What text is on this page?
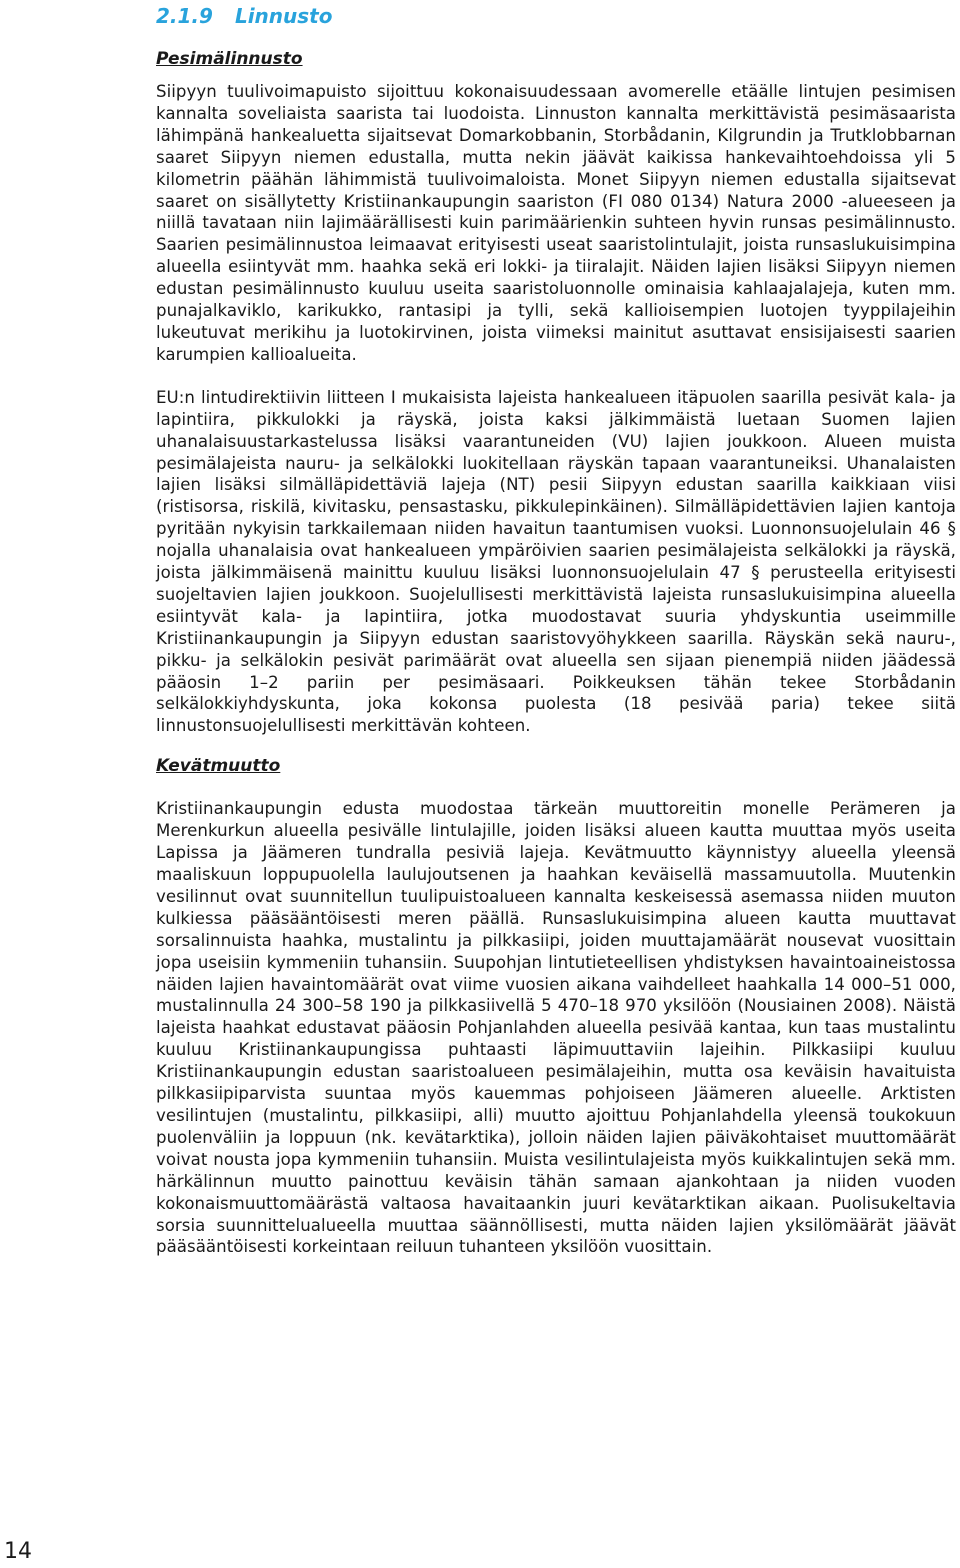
2.1.9 Linnusto
Pesimälinnusto

Siipyyn tuulivoimapuisto sijoittuu kokonaisuudessaan avomerelle etäälle lintujen pesimisen kannalta soveliaista saarista tai luodoista. Linnuston kannalta merkittävistä pesimäsaarista lähimpänä hankealuetta sijaitsevat Domarkobbanin, Storbådanin, Kilgrundin ja Trutklobbarnan saaret Siipyyn niemen edustalla, mutta nekin jäävät kaikissa hankevaihtoehdoissa yli 5 kilometrin päähän lähimmistä tuulivoimaloista. Monet Siipyyn niemen edustalla sijaitsevat saaret on sisällytetty Kristiinankaupungin saariston (FI 080 0134) Natura 2000 -alueeseen ja niillä tavataan niin lajimäärällisesti kuin parimäärienkin suhteen hyvin runsas pesimälinnusto. Saarien pesimälinnustoa leimaavat erityisesti useat saaristolintulajit, joista runsaslukuisimpina alueella esiintyvät mm. haahka sekä eri lokki- ja tiiralajit. Näiden lajien lisäksi Siipyyn niemen edustan pesimälinnusto kuuluu useita saaristoluonnolle ominaisia kahlaajalajeja, kuten mm. punajalkaviklo, karikukko, rantasipi ja tylli, sekä kallioisempien luotojen tyyppilajeihin lukeutuvat merikihu ja luotokirvinen, joista viimeksi mainitut asuttavat ensisijaisesti saarien karumpien kallioalueita.

EU:n lintudirektiivin liitteen I mukaisista lajeista hankealueen itäpuolen saarilla pesivät kala- ja lapintiira, pikkulokki ja räyskä, joista kaksi jälkimmäistä luetaan Suomen lajien uhanalaisuustarkastelussa lisäksi vaarantuneiden (VU) lajien joukkoon. Alueen muista pesimälajeista nauru- ja selkälokki luokitellaan räyskän tapaan vaarantuneiksi. Uhanalaisten lajien lisäksi silmälläpidettäviä lajeja (NT) pesii Siipyyn edustan saarilla kaikkiaan viisi (ristisorsa, riskilä, kivitasku, pensastasku, pikkulepinkäinen). Silmälläpidettävien lajien kantoja pyritään nykyisin tarkkailemaan niiden havaitun taantumisen vuoksi. Luonnonsuojelulain 46 § nojalla uhanalaisia ovat hankealueen ympäröivien saarien pesimälajeista selkälokki ja räyskä, joista jälkimmäisenä mainittu kuuluu lisäksi luonnonsuojelulain 47 § perusteella erityisesti suojeltavien lajien joukkoon. Suojelullisesti merkittävistä lajeista runsaslukuisimpina alueella esiintyvät kala- ja lapintiira, jotka muodostavat suuria yhdyskuntia useimmille Kristiinankaupungin ja Siipyyn edustan saaristovyöhykkeen saarilla. Räyskän sekä nauru-, pikku- ja selkälokin pesivät parimäärät ovat alueella sen sijaan pienempiä niiden jäädessä pääosin 1–2 pariin per pesimäsaari. Poikkeuksen tähän tekee Storbådanin selkälokkiyhdyskunta, joka kokonsa puolesta (18 pesivää paria) tekee siitä linnustonsuojelullisesti merkittävän kohteen.

Kevätmuutto

Kristiinankaupungin edusta muodostaa tärkeän muuttoreitin monelle Perämeren ja Merenkurkun alueella pesivälle lintulajille, joiden lisäksi alueen kautta muuttaa myös useita Lapissa ja Jäämeren tundralla pesiviä lajeja. Kevätmuutto käynnistyy alueella yleensä maaliskuun loppupuolella laulujoutsenen ja haahkan keväisellä massamuutolla. Muutenkin vesilinnut ovat suunnitellun tuulipuistoalueen kannalta keskeisessä asemassa niiden muuton kulkiessa pääsääntöisesti meren päällä. Runsaslukuisimpina alueen kautta muuttavat sorsalinnuista haahka, mustalintu ja pilkkasiipi, joiden muuttajamäärät nousevat vuosittain jopa useisiin kymmeniin tuhansiin. Suupohjan lintutieteellisen yhdistyksen havaintoaineistossa näiden lajien havaintomäärät ovat viime vuosien aikana vaihdelleet haahkalla 14 000–51 000, mustalinnulla 24 300–58 190 ja pilkkasiivellä 5 470–18 970 yksilöön (Nousiainen 2008). Näistä lajeista haahkat edustavat pääosin Pohjanlahden alueella pesivää kantaa, kun taas mustalintu kuuluu Kristiinankaupungissa puhtaasti läpimuuttaviin lajeihin. Pilkkasiipi kuuluu Kristiinankaupungin edustan saaristoalueen pesimälajeihin, mutta osa keväisin havaituista pilkkasiipiparvista suuntaa myös kauemmas pohjoiseen Jäämeren alueelle. Arktisten vesilintujen (mustalintu, pilkkasiipi, alli) muutto ajoittuu Pohjanlahdella yleensä toukokuun puolenväliin ja loppuun (nk. kevätarktika), jolloin näiden lajien päiväkohtaiset muuttomäärät voivat nousta jopa kymmeniin tuhansiin. Muista vesilintulajeista myös kuikkalintujen sekä mm. härkälinnun muutto painottuu keväisin tähän samaan ajankohtaan ja niiden vuoden kokonaismuuttomäärästä valtaosa havaitaankin juuri kevätarktikan aikaan. Puolisukeltavia sorsia suunnittelualueella muuttaa säännöllisesti, mutta näiden lajien yksilömäärät jäävät pääsääntöisesti korkeintaan reiluun tuhanteen yksilöön vuosittain.

14
